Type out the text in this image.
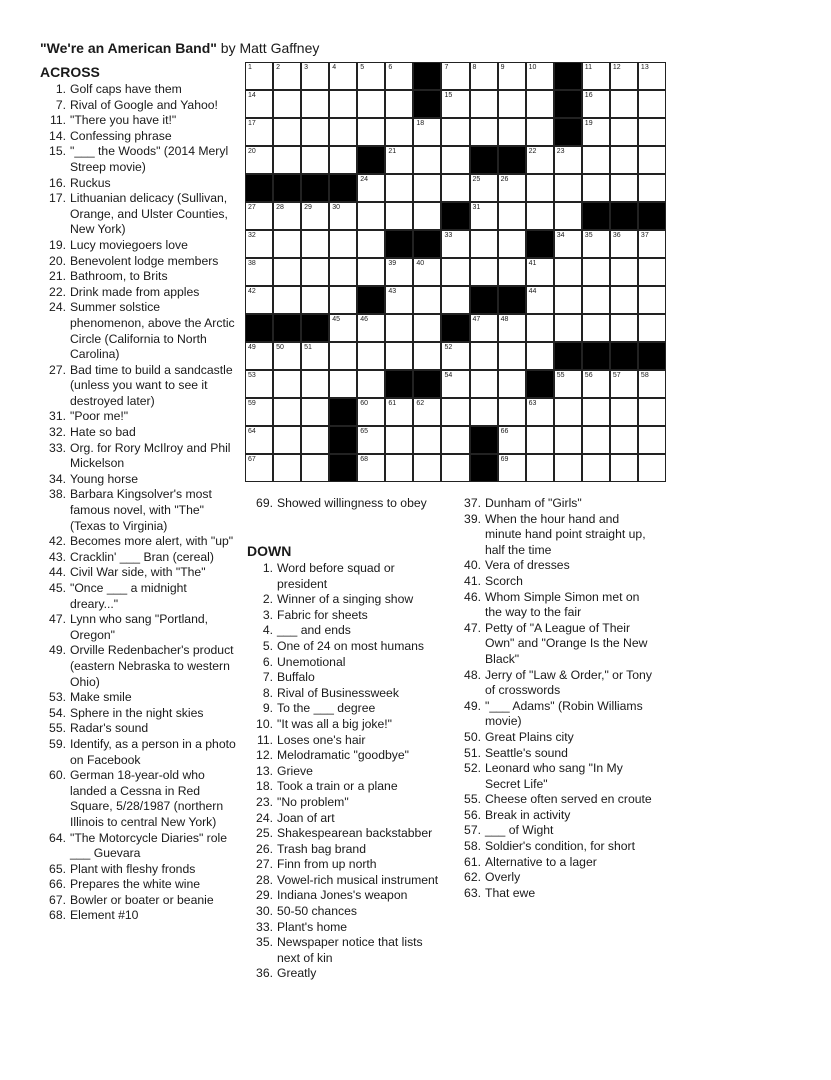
"We're an American Band" by Matt Gaffney
ACROSS
1 . Golf caps have them
7 . Rival of Google and Yahoo!
11 . "There you have it!"
14 . Confessing phrase
15 . "___ the Woods" (2014 Meryl Streep movie)
16 . Ruckus
17 . Lithuanian delicacy (Sullivan, Orange, and Ulster Counties, New York)
19 . Lucy moviegoers love
20 . Benevolent lodge members
21 . Bathroom, to Brits
22 . Drink made from apples
24 . Summer solstice phenomenon, above the Arctic Circle (California to North Carolina)
27 . Bad time to build a sandcastle (unless you want to see it destroyed later)
31 . "Poor me!"
32 . Hate so bad
33 . Org. for Rory McIlroy and Phil Mickelson
34 . Young horse
38 . Barbara Kingsolver's most famous novel, with "The" (Texas to Virginia)
42 . Becomes more alert, with "up"
43 . Cracklin' ___ Bran (cereal)
44 . Civil War side, with "The"
45 . "Once ___ a midnight dreary..."
47 . Lynn who sang "Portland, Oregon"
49 . Orville Redenbacher's product (eastern Nebraska to western Ohio)
53 . Make smile
54 . Sphere in the night skies
55 . Radar's sound
59 . Identify, as a person in a photo on Facebook
60 . German 18-year-old who landed a Cessna in Red Square, 5/28/1987 (northern Illinois to central New York)
64 . "The Motorcycle Diaries" role ___ Guevara
65 . Plant with fleshy fronds
66 . Prepares the white wine
67 . Bowler or boater or beanie
68 . Element #10
69 . Showed willingness to obey
DOWN
1 . Word before squad or president
2 . Winner of a singing show
3 . Fabric for sheets
4 . ___ and ends
5 . One of 24 on most humans
6 . Unemotional
7 . Buffalo
8 . Rival of Businessweek
9 . To the ___ degree
10 . "It was all a big joke!"
11 . Loses one's hair
12 . Melodramatic "goodbye"
13 . Grieve
18 . Took a train or a plane
23 . "No problem"
24 . Joan of art
25 . Shakespearean backstabber
26 . Trash bag brand
27 . Finn from up north
28 . Vowel-rich musical instrument
29 . Indiana Jones's weapon
30 . 50-50 chances
33 . Plant's home
35 . Newspaper notice that lists next of kin
36 . Greatly
37 . Dunham of "Girls"
39 . When the hour hand and minute hand point straight up, half the time
40 . Vera of dresses
41 . Scorch
46 . Whom Simple Simon met on the way to the fair
47 . Petty of "A League of Their Own" and "Orange Is the New Black"
48 . Jerry of "Law & Order," or Tony of crosswords
49 . "___ Adams" (Robin Williams movie)
50 . Great Plains city
51 . Seattle's sound
52 . Leonard who sang "In My Secret Life"
55 . Cheese often served en croute
56 . Break in activity
57 . ___ of Wight
58 . Soldier's condition, for short
61 . Alternative to a lager
62 . Overly
63 . That ewe
1	2	3	4	5	6	7	8	9	10	11	12	13
14	15	16
17	18	19
20	21	22	23
24	25	26
27	28	29	30	31
32	33	34	35	36	37
38	39	40	41
42	43	44
45	46	47	48
49	50	51	52
53	54	55	56	57	58
59	60	61	62	63
64	65	66
67	68	69
